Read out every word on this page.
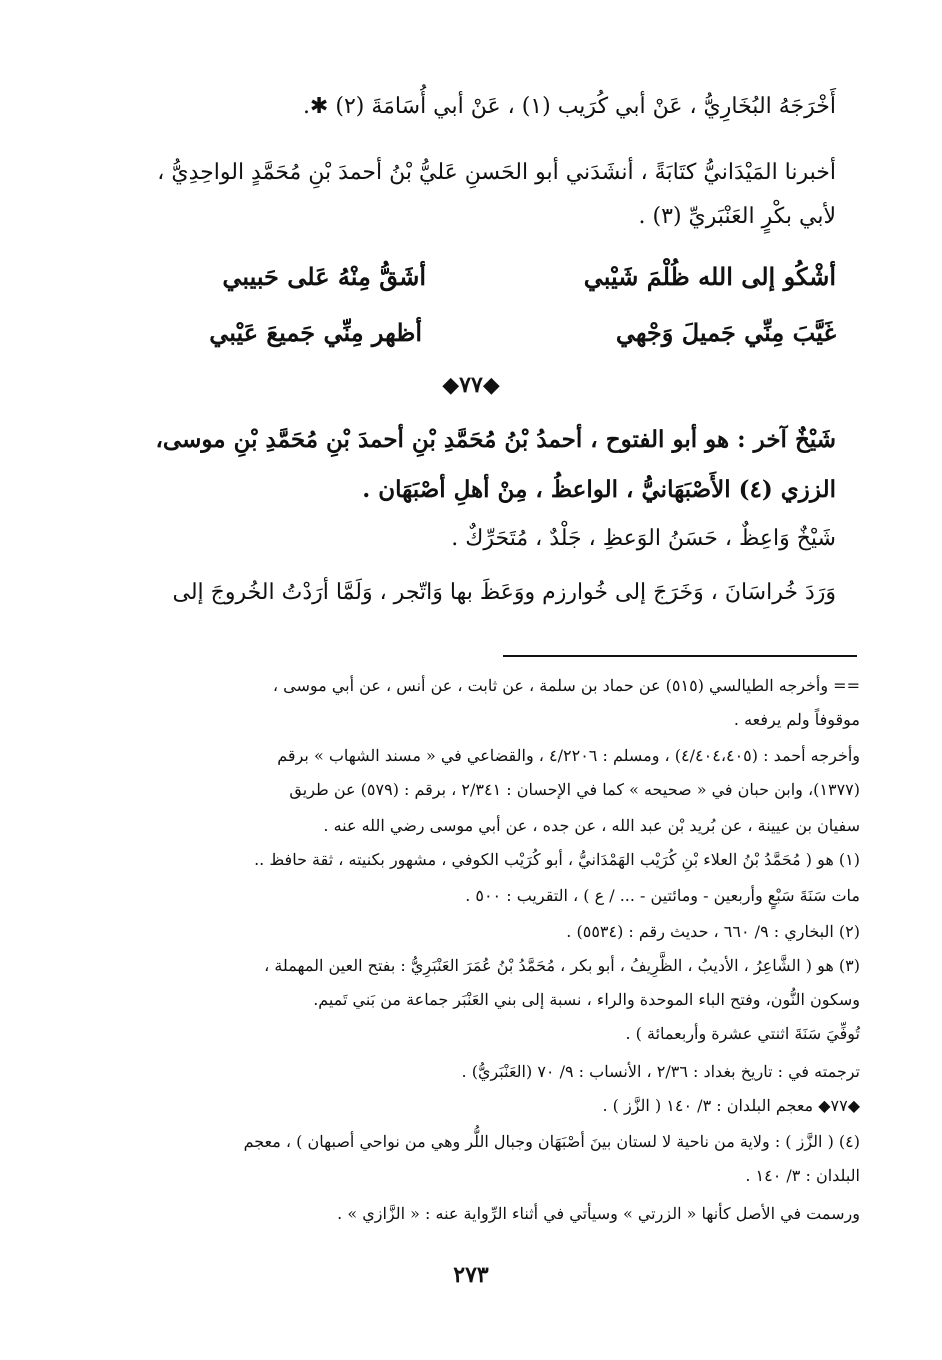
أَخْرَجَهُ البُخَارِيُّ ، عَنْ أبي كُرَيب (١) ، عَنْ أبي أُسَامَةَ (٢) ✱.
أخبرنا المَيْدَانيُّ كتَابَةً ، أنشَدَني أبو الحَسنِ عَليُّ بْنُ أحمدَ بْنِ مُحَمَّدٍ الواحِدِيُّ ،
لأبي بكْرٍ العَنْبَريِّ (٣) .
أشْكُو إلى الله ظُلْمَ شَيْبي
أشَقُّ مِنْهُ عَلى حَبيبي
غَيَّبَ مِنِّي جَميلَ وَجْهي
أظهر مِنِّي جَميعَ عَيْبي
◆٧٧◆
شَيْخٌ آخر : هو أبو الفتوح ، أحمدُ بْنُ مُحَمَّدِ بْنِ أحمدَ بْنِ مُحَمَّدِ بْنِ موسى،
الززي (٤) الأَصْبَهَانيُّ ، الواعظُ ، مِنْ أهلِ أصْبَهَان .
شَيْخٌ وَاعِظٌ ، حَسَنُ الوَعظِ ، جَلْدٌ ، مُتَحَرِّكٌ .
وَرَدَ خُراسَانَ ، وَخَرَجَ إلى خُوارزم ووَعَظَ بها وَاتّجر ، وَلَمَّا أرَدْتُ الخُروجَ إلى
== وأخرجه الطيالسي (٥١٥) عن حماد بن سلمة ، عن ثابت ، عن أنس ، عن أبي موسى ،
موقوفاً ولم يرفعه .
وأخرجه أحمد : (٤/٤٠٤،٤٠٥) ، ومسلم : ٤/٢٢٠٦ ، والقضاعي في « مسند الشهاب » برقم
(١٣٧٧)، وابن حبان في « صحيحه » كما في الإحسان : ٢/٣٤١ ، برقم : (٥٧٩) عن طريق
سفيان بن عيينة ، عن بُريد بْن عبد الله ، عن جده ، عن أبي موسى رضي الله عنه .
(١) هو ( مُحَمَّدُ بْنُ العلاء بْنِ كُرَيْب الهَمْدَانيُّ ، أبو كُرَيْب الكوفي ، مشهور بكنيته ، ثقة حافظ ..
مات سَنَةَ سَبْعٍ وأربعين - ومائتين - ... / ع ) ، التقريب : ٥٠٠ .
(٢) البخاري : ٩/ ٦٦٠ ، حديث رقم : (٥٥٣٤) .
(٣) هو ( الشَّاعِرُ ، الأديبُ ، الظَّرِيفُ ، أبو بكر ، مُحَمَّدُ بْنُ عُمَرَ العَنْبَرِيُّ : بفتح العين المهملة ،
وسكون النُّون، وفتح الباء الموحدة والراء ، نسبة إلى بني العَنْبَر جماعة من بَني تَميم.
تُوفِّيَ سَنَةَ اثنتي عشرة وأربعمائة ) .
ترجمته في : تاريخ بغداد : ٢/٣٦ ، الأنساب : ٩/ ٧٠ (العَنْبَريُّ) .
◆٧٧◆ معجم البلدان : ٣/ ١٤٠ ( الزَّز ) .
(٤) ( الزَّز ) : ولاية من ناحية لا لستان بينَ أصْبَهَان وجبال اللُّر وهي من نواحي أصبهان ) ، معجم
البلدان : ٣/ ١٤٠ .
ورسمت في الأصل كأنها « الزرتي » وسيأتي في أثناء الرِّواية عنه : « الزَّازي » .
٢٧٣
